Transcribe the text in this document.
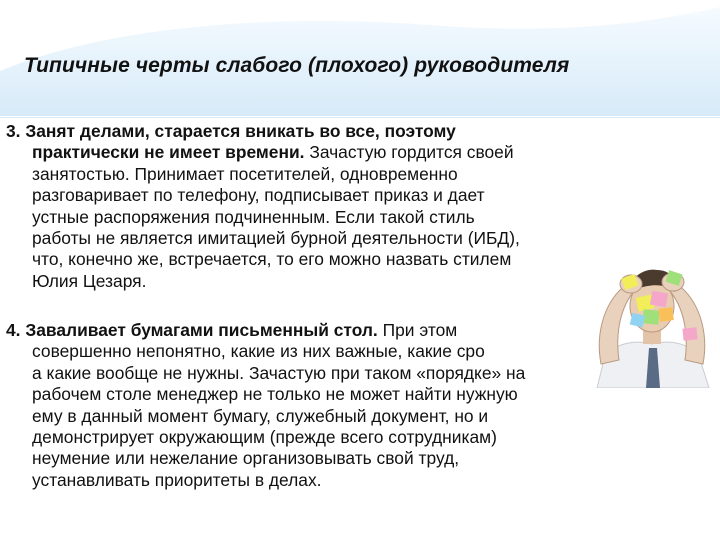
Типичные черты слабого (плохого) руководителя
3. Занят делами, старается вникать во все, поэтому
практически не имеет времени. Зачастую гордится своей
занятостью. Принимает посетителей, одновременно
разговаривает по телефону, подписывает приказ и дает
устные распоряжения подчиненным. Если такой стиль
работы не является имитацией бурной деятельности (ИБД),
что, конечно же, встречается, то его можно назвать стилем
Юлия Цезаря.
4. Заваливает бумагами письменный стол. При этом
совершенно непонятно, какие из них важные, какие сро
а какие вообще не нужны. Зачастую при таком «порядке» на
рабочем столе менеджер не только не может найти нужную
ему в данный момент бумагу, служебный документ, но и
демонстрирует окружающим (прежде всего сотрудникам)
неумение или нежелание организовывать свой труд,
устанавливать приоритеты в делах.
